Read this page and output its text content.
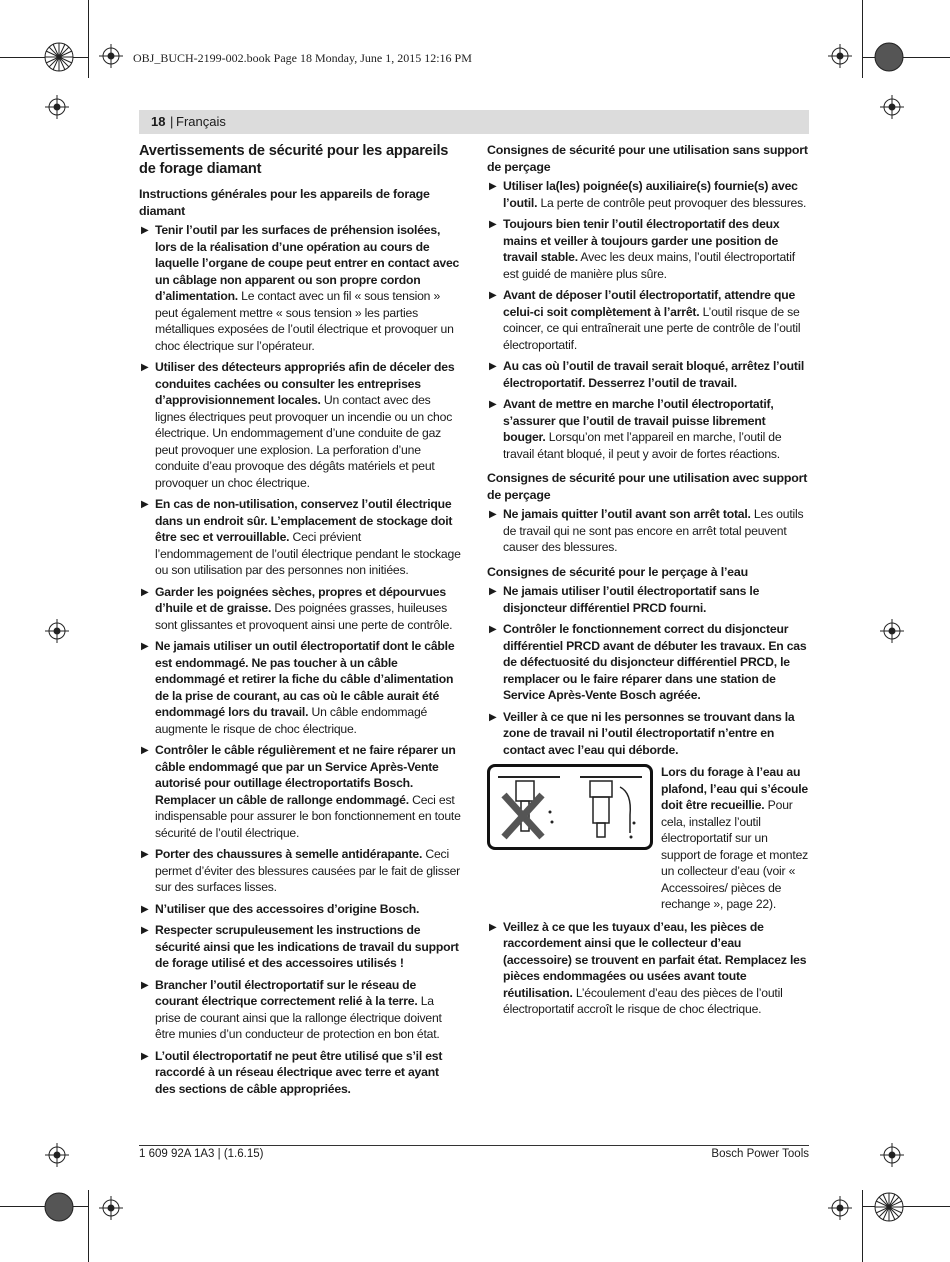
OBJ_BUCH-2199-002.book Page 18 Monday, June 1, 2015 12:16 PM
18 | Français
Avertissements de sécurité pour les appareils de forage diamant
Instructions générales pour les appareils de forage diamant
▶ Tenir l’outil par les surfaces de préhension isolées, lors de la réalisation d’une opération au cours de laquelle l’organe de coupe peut entrer en contact avec un câblage non apparent ou son propre cordon d’alimentation. Le contact avec un fil « sous tension » peut également mettre « sous tension » les parties métalliques exposées de l’outil électrique et provoquer un choc électrique sur l’opérateur.
▶ Utiliser des détecteurs appropriés afin de déceler des conduites cachées ou consulter les entreprises d’approvisionnement locales. Un contact avec des lignes électriques peut provoquer un incendie ou un choc électrique. Un endommagement d’une conduite de gaz peut provoquer une explosion. La perforation d’une conduite d’eau provoque des dégâts matériels et peut provoquer un choc électrique.
▶ En cas de non-utilisation, conservez l’outil électrique dans un endroit sûr. L’emplacement de stockage doit être sec et verrouillable. Ceci prévient l’endommagement de l’outil électrique pendant le stockage ou son utilisation par des personnes non initiées.
▶ Garder les poignées sèches, propres et dépourvues d’huile et de graisse. Des poignées grasses, huileuses sont glissantes et provoquent ainsi une perte de contrôle.
▶ Ne jamais utiliser un outil électroportatif dont le câble est endommagé. Ne pas toucher à un câble endommagé et retirer la fiche du câble d’alimentation de la prise de courant, au cas où le câble aurait été endommagé lors du travail. Un câble endommagé augmente le risque de choc électrique.
▶ Contrôler le câble régulièrement et ne faire réparer un câble endommagé que par un Service Après-Vente autorisé pour outillage électroportatifs Bosch. Remplacer un câble de rallonge endommagé. Ceci est indispensable pour assurer le bon fonctionnement en toute sécurité de l’outil électrique.
▶ Porter des chaussures à semelle antidérapante. Ceci permet d’éviter des blessures causées par le fait de glisser sur des surfaces lisses.
▶ N’utiliser que des accessoires d’origine Bosch.
▶ Respecter scrupuleusement les instructions de sécurité ainsi que les indications de travail du support de forage utilisé et des accessoires utilisés !
▶ Brancher l’outil électroportatif sur le réseau de courant électrique correctement relié à la terre. La prise de courant ainsi que la rallonge électrique doivent être munies d’un conducteur de protection en bon état.
▶ L’outil électroportatif ne peut être utilisé que s’il est raccordé à un réseau électrique avec terre et ayant des sections de câble appropriées.
Consignes de sécurité pour une utilisation sans support de perçage
▶ Utiliser la(les) poignée(s) auxiliaire(s) fournie(s) avec l’outil. La perte de contrôle peut provoquer des blessures.
▶ Toujours bien tenir l’outil électroportatif des deux mains et veiller à toujours garder une position de travail stable. Avec les deux mains, l’outil électroportatif est guidé de manière plus sûre.
▶ Avant de déposer l’outil électroportatif, attendre que celui-ci soit complètement à l’arrêt. L’outil risque de se coincer, ce qui entraînerait une perte de contrôle de l’outil électroportatif.
▶ Au cas où l’outil de travail serait bloqué, arrêtez l’outil électroportatif. Desserrez l’outil de travail.
▶ Avant de mettre en marche l’outil électroportatif, s’assurer que l’outil de travail puisse librement bouger. Lorsqu’on met l’appareil en marche, l’outil de travail étant bloqué, il peut y avoir de fortes réactions.
Consignes de sécurité pour une utilisation avec support de perçage
▶ Ne jamais quitter l’outil avant son arrêt total. Les outils de travail qui ne sont pas encore en arrêt total peuvent causer des blessures.
Consignes de sécurité pour le perçage à l’eau
▶ Ne jamais utiliser l’outil électroportatif sans le disjoncteur différentiel PRCD fourni.
▶ Contrôler le fonctionnement correct du disjoncteur différentiel PRCD avant de débuter les travaux. En cas de défectuosité du disjoncteur différentiel PRCD, le remplacer ou le faire réparer dans une station de Service Après-Vente Bosch agréée.
▶ Veiller à ce que ni les personnes se trouvant dans la zone de travail ni l’outil électroportatif n’entre en contact avec l’eau qui déborde.
Lors du forage à l’eau au plafond, l’eau qui s’écoule doit être recueillie. Pour cela, installez l’outil électroportatif sur un support de forage et montez un collecteur d’eau (voir « Accessoires/ pièces de rechange », page 22).
▶ Veillez à ce que les tuyaux d’eau, les pièces de raccordement ainsi que le collecteur d’eau (accessoire) se trouvent en parfait état. Remplacez les pièces endommagées ou usées avant toute réutilisation. L’écoulement d’eau des pièces de l’outil électroportatif accroît le risque de choc électrique.
1 609 92A 1A3 | (1.6.15)	Bosch Power Tools
